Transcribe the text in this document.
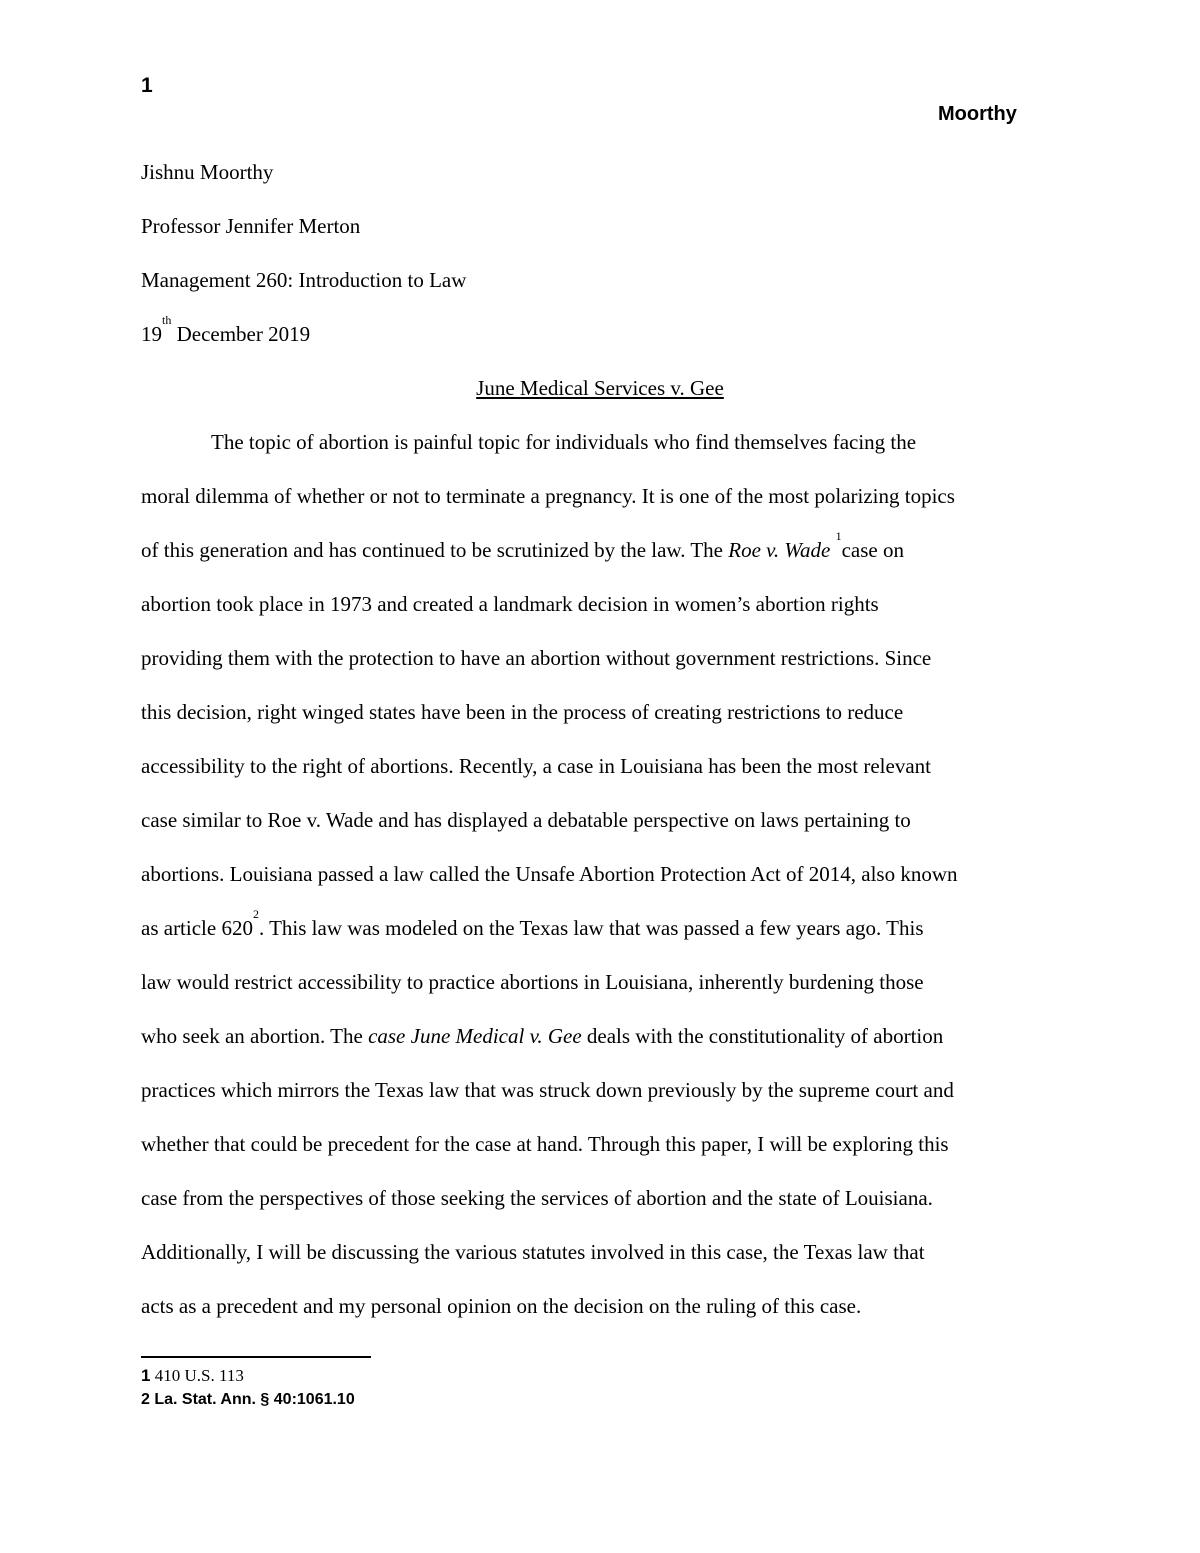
1
Moorthy
Jishnu Moorthy
Professor Jennifer Merton
Management 260: Introduction to Law
19th December 2019
June Medical Services v. Gee
The topic of abortion is painful topic for individuals who find themselves facing the
moral dilemma of whether or not to terminate a pregnancy. It is one of the most polarizing topics
of this generation and has continued to be scrutinized by the law. The Roe v. Wade $^1$case on
abortion took place in 1973 and created a landmark decision in women’s abortion rights
providing them with the protection to have an abortion without government restrictions. Since
this decision, right winged states have been in the process of creating restrictions to reduce
accessibility to the right of abortions. Recently, a case in Louisiana has been the most relevant
case similar to Roe v. Wade and has displayed a debatable perspective on laws pertaining to
abortions. Louisiana passed a law called the Unsafe Abortion Protection Act of 2014, also known
as article $620^2$. This law was modeled on the Texas law that was passed a few years ago. This
law would restrict accessibility to practice abortions in Louisiana, inherently burdening those
who seek an abortion. The case June Medical v. Gee deals with the constitutionality of abortion
practices which mirrors the Texas law that was struck down previously by the supreme court and
whether that could be precedent for the case at hand. Through this paper, I will be exploring this
case from the perspectives of those seeking the services of abortion and the state of Louisiana.
Additionally, I will be discussing the various statutes involved in this case, the Texas law that
acts as a precedent and my personal opinion on the decision on the ruling of this case.
1 410 U.S. 113
2 La. Stat. Ann. § 40:1061.10
